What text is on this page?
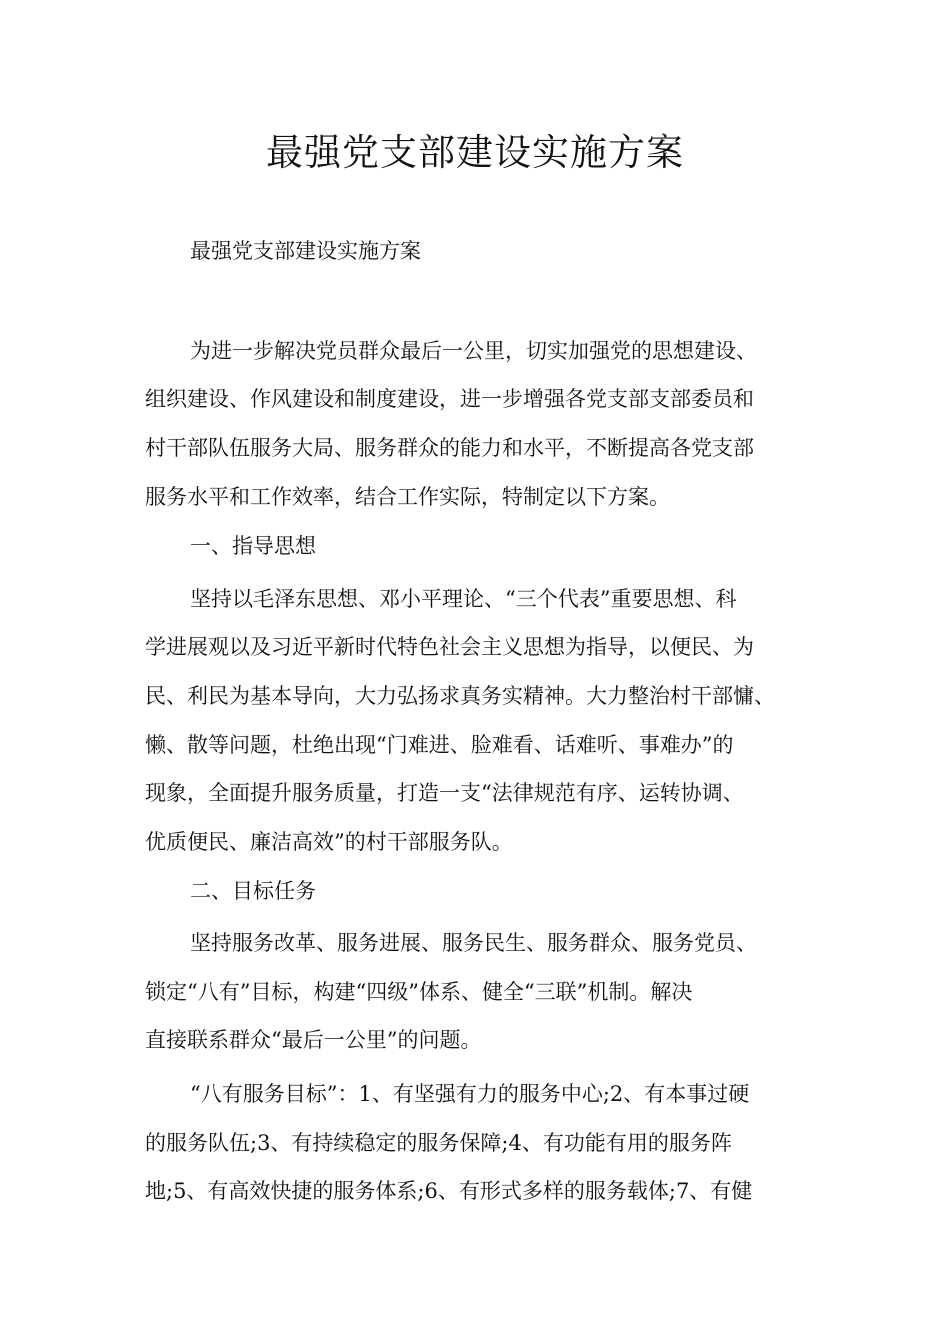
最强党支部建设实施方案

最强党支部建设实施方案

为进一步解决党员群众最后一公里，切实加强党的思想建设、

组织建设、作风建设和制度建设，进一步增强各党支部支部委员和

村干部队伍服务大局、服务群众的能力和水平，不断提高各党支部

服务水平和工作效率，结合工作实际，特制定以下方案。

一、指导思想

坚持以毛泽东思想、邓小平理论、“三个代表”重要思想、科

学进展观以及习近平新时代特色社会主义思想为指导，以便民、为

民、利民为基本导向，大力弘扬求真务实精神。大力整治村干部慵、

懒、散等问题，杜绝出现“门难进、脸难看、话难听、事难办”的

现象，全面提升服务质量，打造一支“法律规范有序、运转协调、

优质便民、廉洁高效”的村干部服务队。

二、目标任务

坚持服务改革、服务进展、服务民生、服务群众、服务党员、

锁定“八有”目标，构建“四级”体系、健全“三联”机制。解决

直接联系群众“最后一公里”的问题。

“八有服务目标”：1、有坚强有力的服务中心;2、有本事过硬

的服务队伍;3、有持续稳定的服务保障;4、有功能有用的服务阵

地;5、有高效快捷的服务体系;6、有形式多样的服务载体;7、有健
